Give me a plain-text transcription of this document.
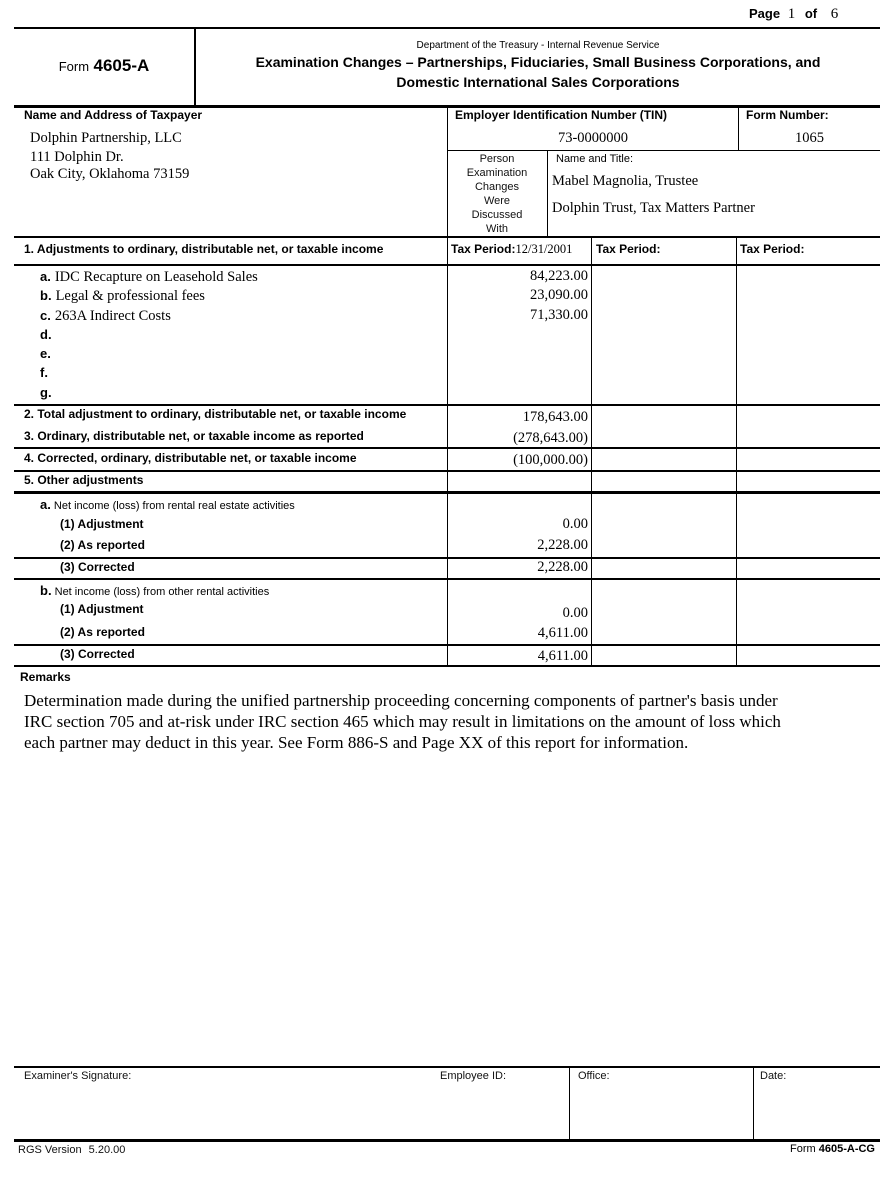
Page 1 of 6
Form 4605-A
Department of the Treasury - Internal Revenue Service
Examination Changes – Partnerships, Fiduciaries, Small Business Corporations, and
Domestic International Sales Corporations
Name and Address of Taxpayer
Dolphin Partnership, LLC
111 Dolphin Dr.
Oak City, Oklahoma 73159
Employer Identification Number (TIN)
73-0000000
Form Number:
1065
Person
Examination
Changes
Were
Discussed
With
Name and Title:
Mabel Magnolia, Trustee
Dolphin Trust, Tax Matters Partner
1. Adjustments to ordinary, distributable net, or taxable income	Tax Period:12/31/2001 Tax Period:	Tax Period:
a. IDC Recapture on Leasehold Sales	84,223.00
b. Legal & professional fees	23,090.00
c. 263A Indirect Costs	71,330.00
d.
e.
f.
g.
2. Total adjustment to ordinary, distributable net, or taxable income	178,643.00
3. Ordinary, distributable net, or taxable income as reported	(278,643.00)
4. Corrected, ordinary, distributable net, or taxable income	(100,000.00)
5. Other adjustments
a. Net income (loss) from rental real estate activities
(1) Adjustment	0.00
(2) As reported	2,228.00
(3) Corrected	2,228.00
b. Net income (loss) from other rental activities
(1) Adjustment	0.00
(2) As reported	4,611.00
(3) Corrected	4,611.00
Remarks
Determination made during the unified partnership proceeding concerning components of partner's basis under
IRC section 705 and at-risk under IRC section 465 which may result in limitations on the amount of loss which
each partner may deduct in this year. See Form 886-S and Page XX of this report for information.
Examiner's Signature:	Employee ID:	Office:	Date:
RGS Version 5.20.00	Form 4605-A-CG
